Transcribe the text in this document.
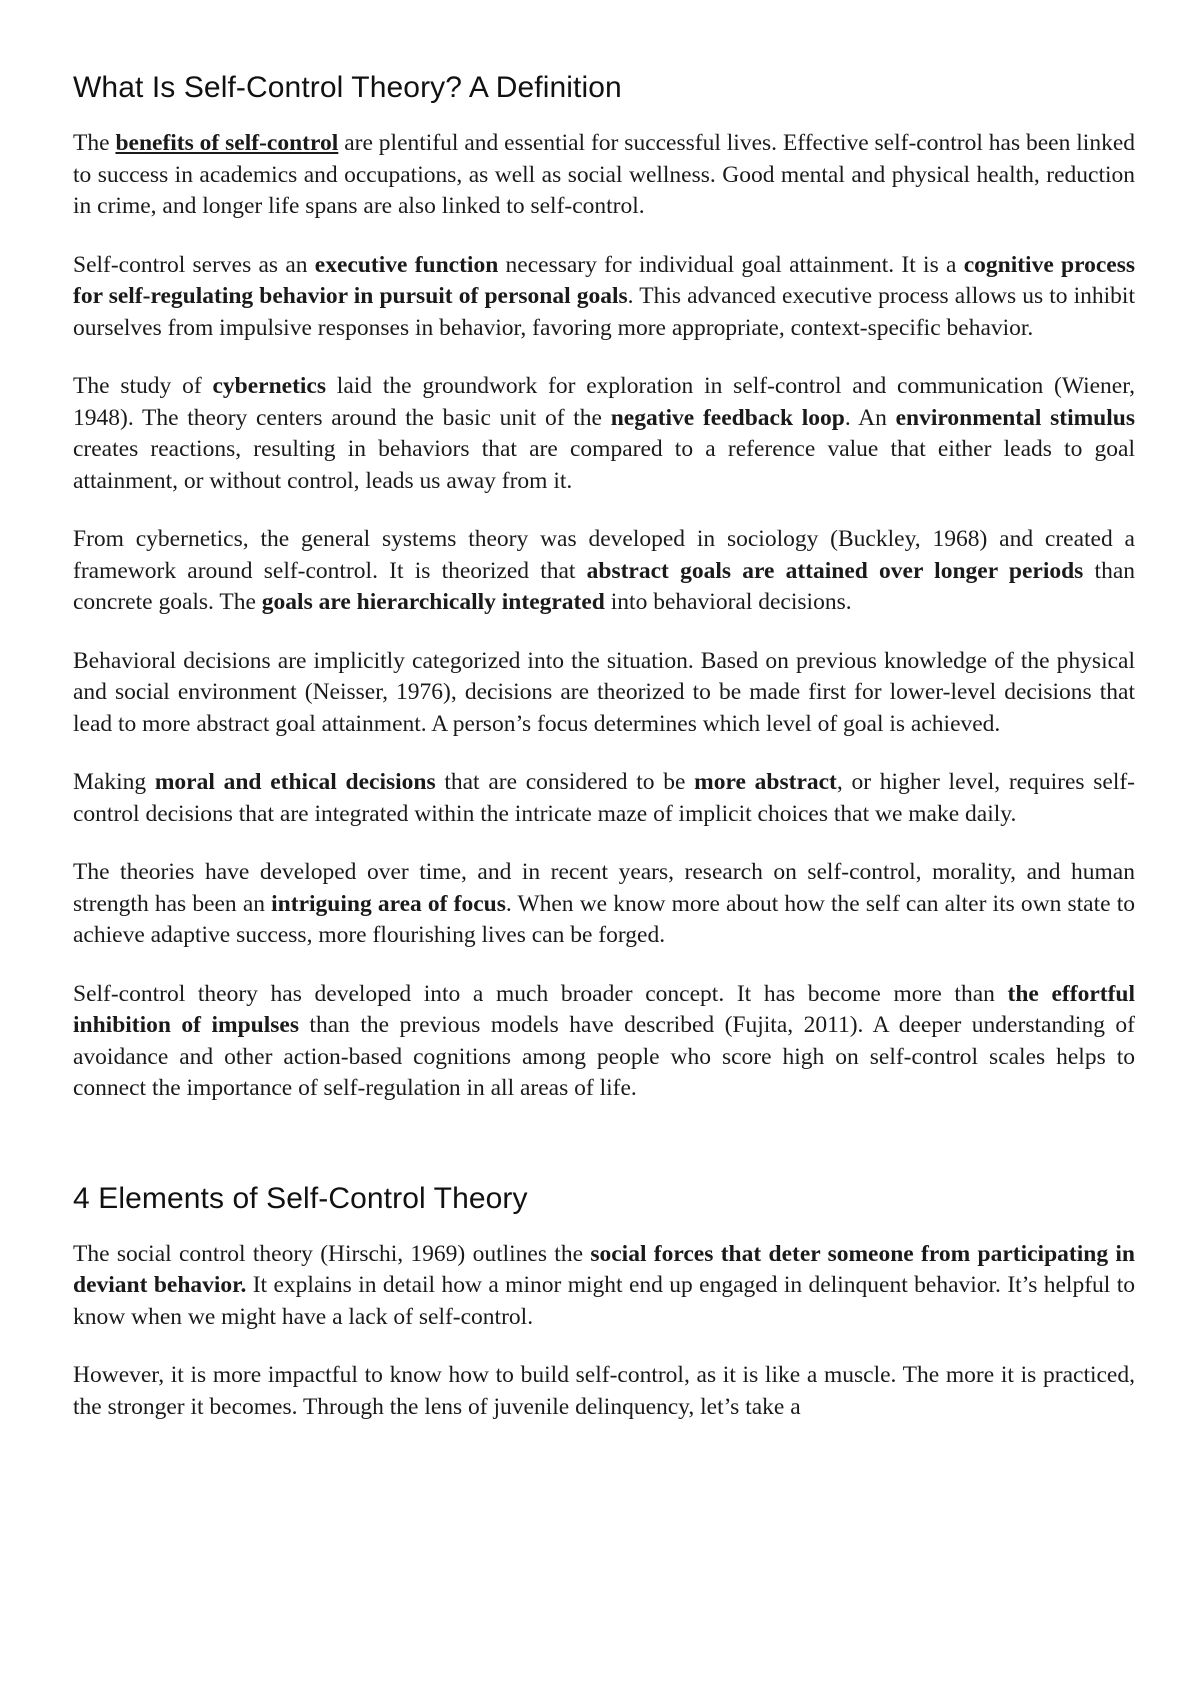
What Is Self-Control Theory? A Definition

The benefits of self-control are plentiful and essential for successful lives. Effective self-control has been linked to success in academics and occupations, as well as social wellness. Good mental and physical health, reduction in crime, and longer life spans are also linked to self-control.

Self-control serves as an executive function necessary for individual goal attainment. It is a cognitive process for self-regulating behavior in pursuit of personal goals. This advanced executive process allows us to inhibit ourselves from impulsive responses in behavior, favoring more appropriate, context-specific behavior.

The study of cybernetics laid the groundwork for exploration in self-control and communication (Wiener, 1948). The theory centers around the basic unit of the negative feedback loop. An environmental stimulus creates reactions, resulting in behaviors that are compared to a reference value that either leads to goal attainment, or without control, leads us away from it.

From cybernetics, the general systems theory was developed in sociology (Buckley, 1968) and created a framework around self-control. It is theorized that abstract goals are attained over longer periods than concrete goals. The goals are hierarchically integrated into behavioral decisions.

Behavioral decisions are implicitly categorized into the situation. Based on previous knowledge of the physical and social environment (Neisser, 1976), decisions are theorized to be made first for lower-level decisions that lead to more abstract goal attainment. A person’s focus determines which level of goal is achieved.

Making moral and ethical decisions that are considered to be more abstract, or higher level, requires self-control decisions that are integrated within the intricate maze of implicit choices that we make daily.

The theories have developed over time, and in recent years, research on self-control, morality, and human strength has been an intriguing area of focus. When we know more about how the self can alter its own state to achieve adaptive success, more flourishing lives can be forged.

Self-control theory has developed into a much broader concept. It has become more than the effortful inhibition of impulses than the previous models have described (Fujita, 2011). A deeper understanding of avoidance and other action-based cognitions among people who score high on self-control scales helps to connect the importance of self-regulation in all areas of life.

4 Elements of Self-Control Theory

The social control theory (Hirschi, 1969) outlines the social forces that deter someone from participating in deviant behavior. It explains in detail how a minor might end up engaged in delinquent behavior. It’s helpful to know when we might have a lack of self-control.

However, it is more impactful to know how to build self-control, as it is like a muscle. The more it is practiced, the stronger it becomes. Through the lens of juvenile delinquency, let’s take a
